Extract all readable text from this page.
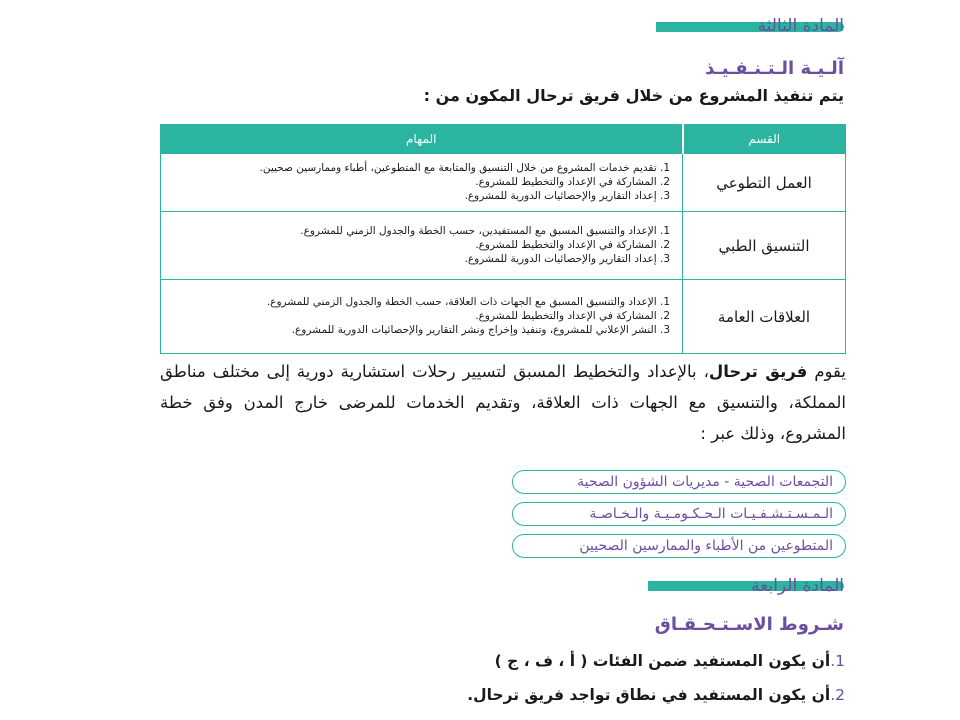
المادة الثالثة
آلـيـة الـتـنـفـيـذ
يتم تنفيذ المشروع من خلال فريق ترحال المكون من :
القسم	المهام
العمل التطوعي	1. تقديم خدمات المشروع من خلال التنسيق والمتابعة مع المتطوعين، أطباء وممارسين صحيين.
2. المشاركة في الإعداد والتخطيط للمشروع.
3. إعداد التقارير والإحصائيات الدورية للمشروع.

التنسيق الطبي	1. الإعداد والتنسيق المسبق مع المستفيدين، حسب الخطة والجدول الزمني للمشروع.
2. المشاركة في الإعداد والتخطيط للمشروع.
3. إعداد التقارير والإحصائيات الدورية للمشروع.

العلاقات العامة	1. الإعداد والتنسيق المسبق مع الجهات ذات العلاقة، حسب الخطة والجدول الزمني للمشروع.
2. المشاركة في الإعداد والتخطيط للمشروع.
3. النشر الإعلاني للمشروع، وتنفيذ وإخراج ونشر التقارير والإحصائيات الدورية للمشروع.
يقوم فريق ترحال، بالإعداد والتخطيط المسبق لتسيير رحلات استشارية دورية إلى مختلف مناطق المملكة، والتنسيق مع الجهات ذات العلاقة، وتقديم الخدمات للمرضى خارج المدن وفق خطة المشروع، وذلك عبر :
التجمعات الصحية - مديريات الشؤون الصحية
الـمـسـتـشـفـيـات الـحـكـومـيـة والـخـاصـة
المتطوعين من الأطباء والممارسين الصحيين
المادة الرابعة
شـروط الاسـتـحـقـاق
1.أن يكون المستفيد ضمن الفئات ( أ ، ف ، ج )
2.أن يكون المستفيد في نطاق تواجد فريق ترحال.
